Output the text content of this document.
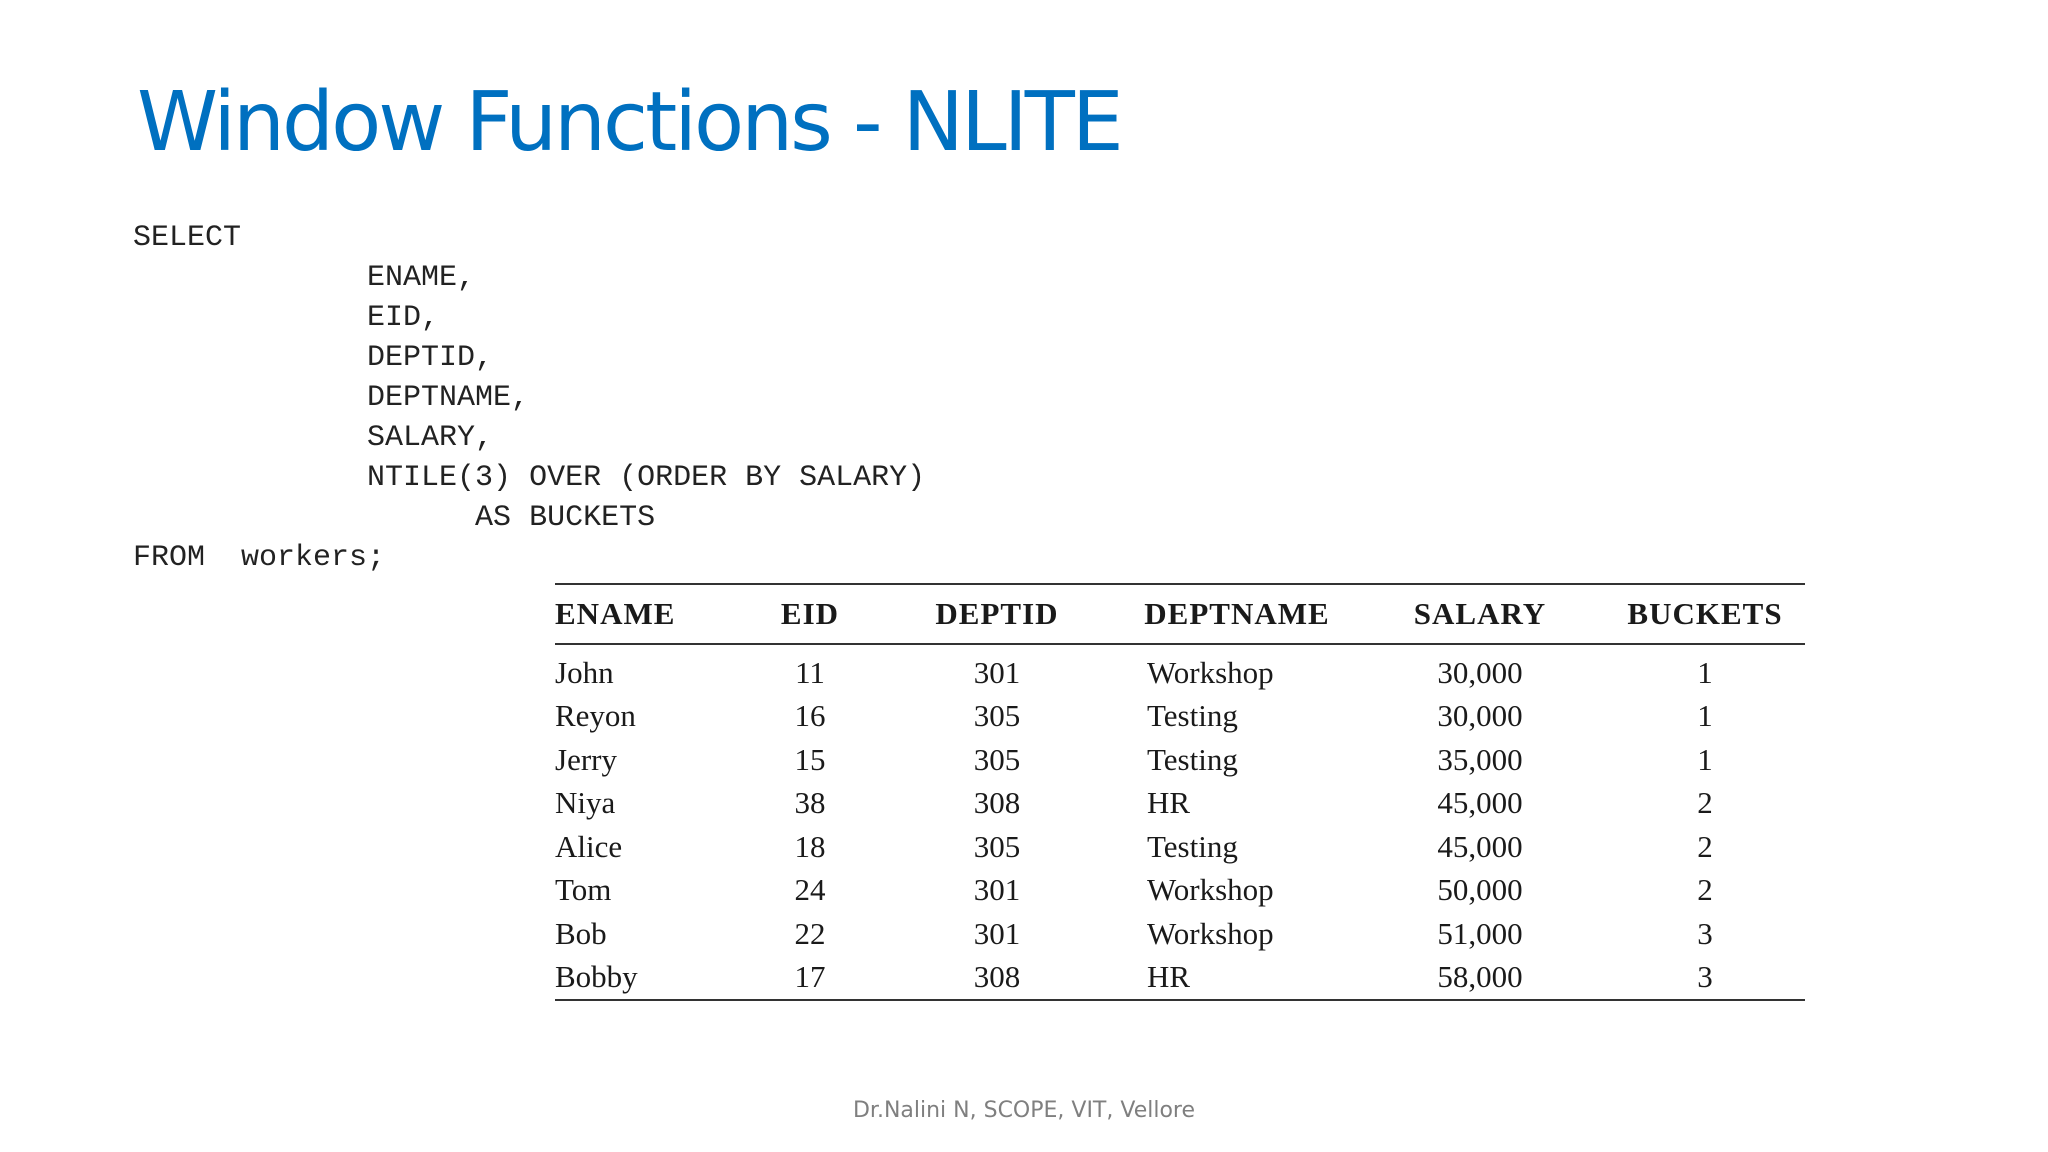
Window Functions - NLITE
SELECT
ENAME,
EID,
DEPTID,
DEPTNAME,
SALARY,
NTILE(3) OVER (ORDER BY SALARY)
AS BUCKETS
FROM  workers;
ENAME	EID	DEPTID	DEPTNAME	SALARY	BUCKETS
John	11	301	Workshop	30,000	1
Reyon	16	305	Testing	30,000	1
Jerry	15	305	Testing	35,000	1
Niya	38	308	HR	45,000	2
Alice	18	305	Testing	45,000	2
Tom	24	301	Workshop	50,000	2
Bob	22	301	Workshop	51,000	3
Bobby	17	308	HR	58,000	3
Dr.Nalini N, SCOPE, VIT, Vellore
